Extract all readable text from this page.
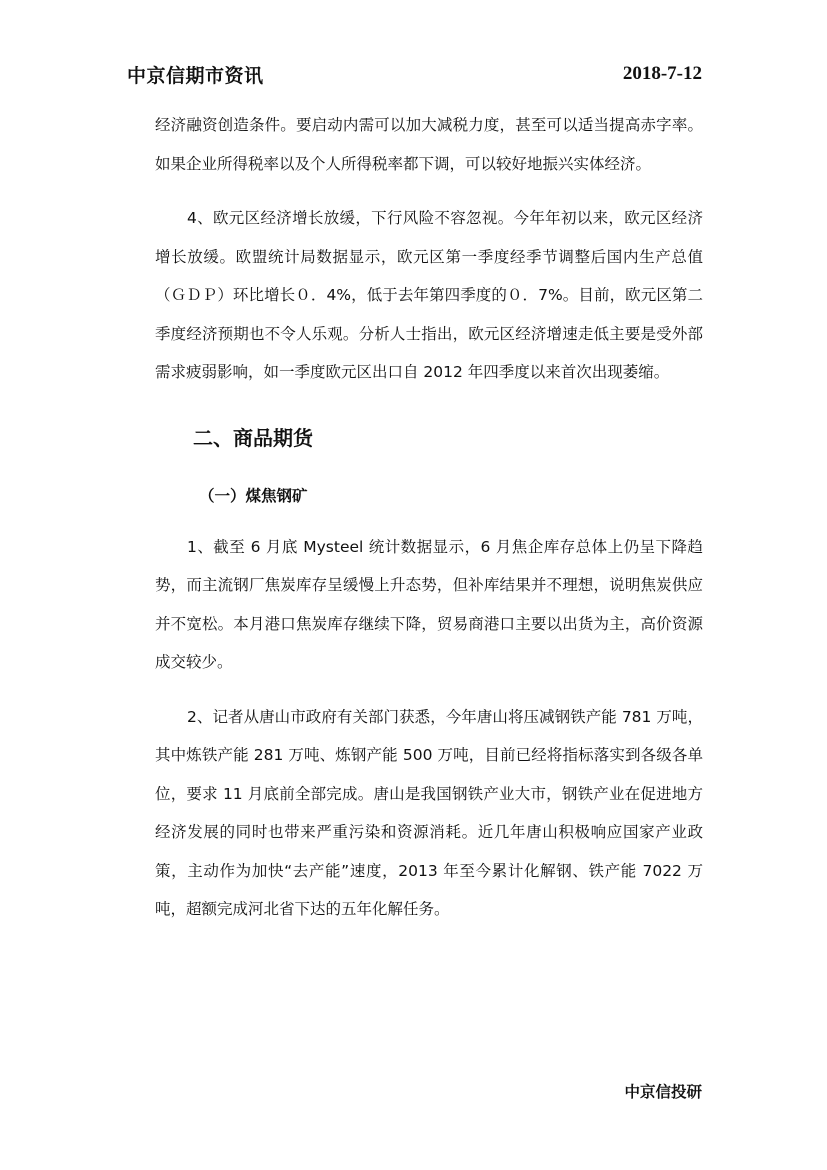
中京信期市资讯	2018-7-12

经济融资创造条件。要启动内需可以加大减税力度，甚至可以适当提高赤字率。如果企业所得税率以及个人所得税率都下调，可以较好地振兴实体经济。

4、欧元区经济增长放缓，下行风险不容忽视。今年年初以来，欧元区经济增长放缓。欧盟统计局数据显示，欧元区第一季度经季节调整后国内生产总值（ＧＤＰ）环比增长０．4%，低于去年第四季度的０．7%。目前，欧元区第二季度经济预期也不令人乐观。分析人士指出，欧元区经济增速走低主要是受外部需求疲弱影响，如一季度欧元区出口自 2012 年四季度以来首次出现萎缩。

二、商品期货
（一）煤焦钢矿

1、截至 6 月底 Mysteel 统计数据显示，6 月焦企库存总体上仍呈下降趋势，而主流钢厂焦炭库存呈缓慢上升态势，但补库结果并不理想，说明焦炭供应并不宽松。本月港口焦炭库存继续下降，贸易商港口主要以出货为主，高价资源成交较少。

2、记者从唐山市政府有关部门获悉，今年唐山将压减钢铁产能 781 万吨，其中炼铁产能 281 万吨、炼钢产能 500 万吨，目前已经将指标落实到各级各单位，要求 11 月底前全部完成。唐山是我国钢铁产业大市，钢铁产业在促进地方经济发展的同时也带来严重污染和资源消耗。近几年唐山积极响应国家产业政策，主动作为加快“去产能”速度，2013 年至今累计化解钢、铁产能 7022 万吨，超额完成河北省下达的五年化解任务。

中京信投研
